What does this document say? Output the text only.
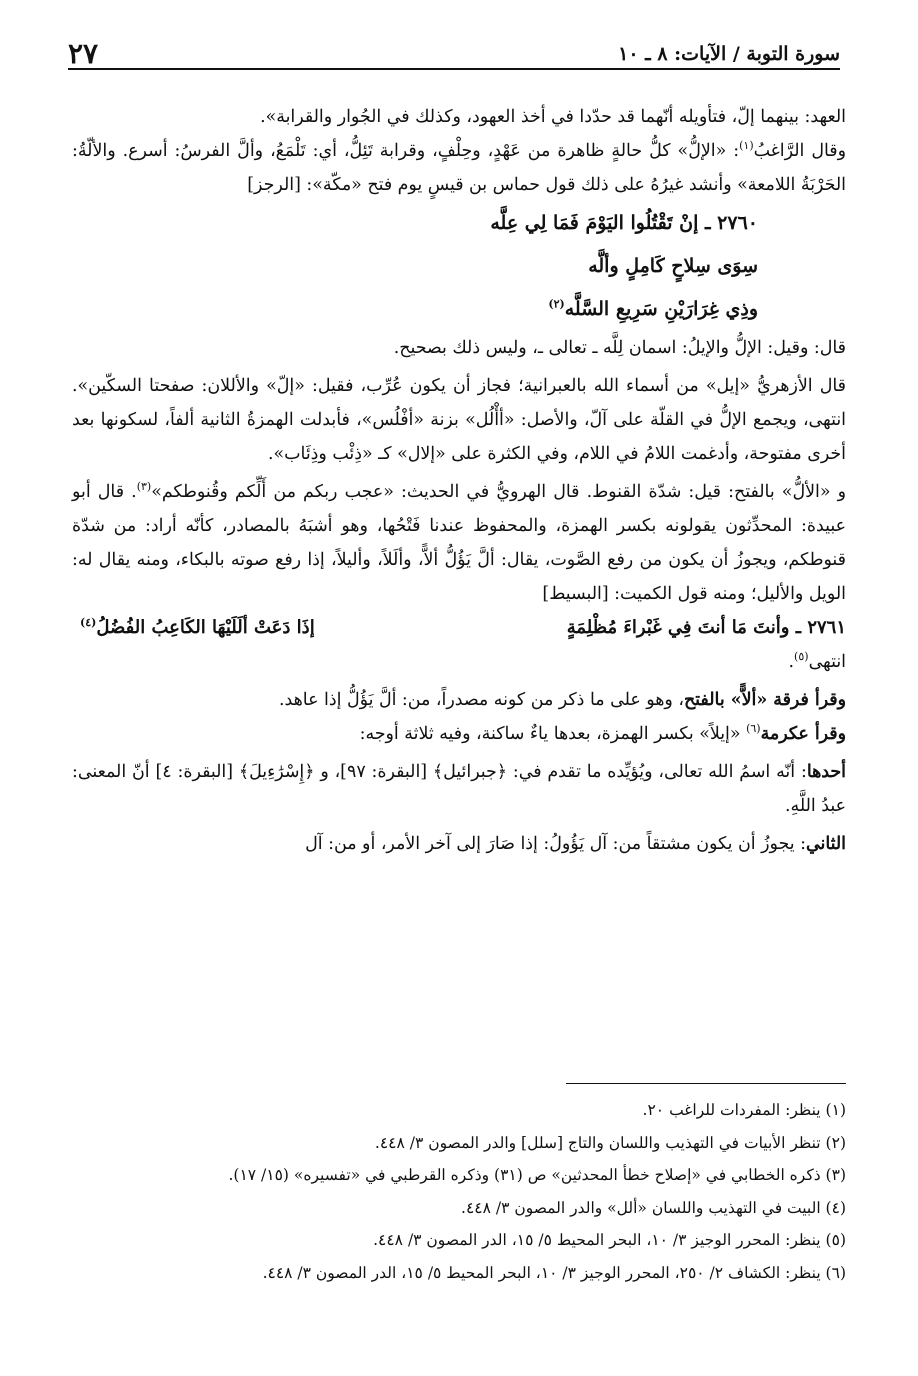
سورة التوبة / الآيات: ٨ ـ ١٠
٢٧

العهد: بينهما إلّ، فتأويله أنّهما قد حدّدا في أخذ العهود، وكذلك في الجُوار والقرابة».

وقال الرَّاغبُ$^{(١)}$: «الإلُّ» كلُّ حالةٍ ظاهرة من عَهْدٍ، وحِلْفٍ، وقرابة تَئِلُّ، أي: تَلْمَعُ، وألَّ الفرسُ: أسرع. والألّةُ: الحَرْبَةُ اللامعة» وأنشد غيرُهُ على ذلك قول حماس بن قيسٍ يوم فتح «مكّة»: [الرجز]

٢٧٦٠ ـ إنْ تَقْتُلُوا اليَوْمَ فَمَا لِي عِلَّه
سِوَى سِلاحٍ كَامِلٍ وألَّه
وذِي غِرَارَيْنِ سَرِيعِ السَّلَّه$^{(٢)}$

قال: وقيل: الإلُّ والإيلُ: اسمان لِلَّه ـ تعالى ـ، وليس ذلك بصحيح.

قال الأزهريُّ «إيل» من أسماء الله بالعبرانية؛ فجاز أن يكون عُرِّب، فقيل: «إلّ» والأللان: صفحتا السكّين». انتهى، ويجمع الإلُّ في القلّة على آلّ، والأصل: «أأْلُل» بزنة «أفْلُس»، فأبدلت الهمزةُ الثانية ألفاً، لسكونها بعد أخرى مفتوحة، وأدغمت اللامُ في اللام، وفي الكثرة على «إلال» كـ «ذِئْب وذِئَاب».

و «الألُّ» بالفتح: قيل: شدّة القنوط. قال الهرويُّ في الحديث: «عجب ربكم من أَلِّكم وقُنوطكم»$^{(٣)}$. قال أبو عبيدة: المحدِّثون يقولونه بكسر الهمزة، والمحفوظ عندنا فَتْحُها، وهو أشبَهُ بالمصادر، كأنّه أراد: من شدّة قنوطكم، ويجوزُ أن يكون من رفع الصَّوت، يقال: ألَّ يَؤُلُّ ألاًّ، وألَلاً، وأليلاً، إذا رفع صوته بالبكاء، ومنه يقال له: الويل والأليل؛ ومنه قول الكميت: [البسيط]

٢٧٦١ ـ وأنتَ مَا أنتَ فِي غَبْراءَ مُظْلِمَةٍ
إذَا دَعَتْ ألَلَيْهَا الكَاعِبُ الفُضُلُ$^{(٤)}$

انتهى$^{(٥)}$.

وقرأ فرقة «ألاًّ» بالفتح، وهو على ما ذكر من كونه مصدراً، من: ألَّ يَؤُلُّ إذا عاهد.

وقرأ عكرمة$^{(٦)}$ «إيلاً» بكسر الهمزة، بعدها ياءٌ ساكنة، وفيه ثلاثة أوجه:

أحدها: أنّه اسمُ الله تعالى، ويُؤيِّده ما تقدم في: ﴿جبرائيل﴾ [البقرة: ٩٧]، و ﴿إِسْرَٰءِيلَ﴾ [البقرة: ٤] أنّ المعنى: عبدُ اللَّهِ.

الثاني: يجوزُ أن يكون مشتقاً من: آل يَؤُولُ: إذا صَارَ إلى آخر الأمر، أو من: آل

(١) ينظر: المفردات للراغب ٢٠.
(٢) تنظر الأبيات في التهذيب واللسان والتاج [سلل] والدر المصون ٣/ ٤٤٨.
(٣) ذكره الخطابي في «إصلاح خطأ المحدثين» ص (٣١) وذكره القرطبي في «تفسيره» (١٥/ ١٧).
(٤) البيت في التهذيب واللسان «ألل» والدر المصون ٣/ ٤٤٨.
(٥) ينظر: المحرر الوجيز ٣/ ١٠، البحر المحيط ٥/ ١٥، الدر المصون ٣/ ٤٤٨.
(٦) ينظر: الكشاف ٢/ ٢٥٠، المحرر الوجيز ٣/ ١٠، البحر المحيط ٥/ ١٥، الدر المصون ٣/ ٤٤٨.
